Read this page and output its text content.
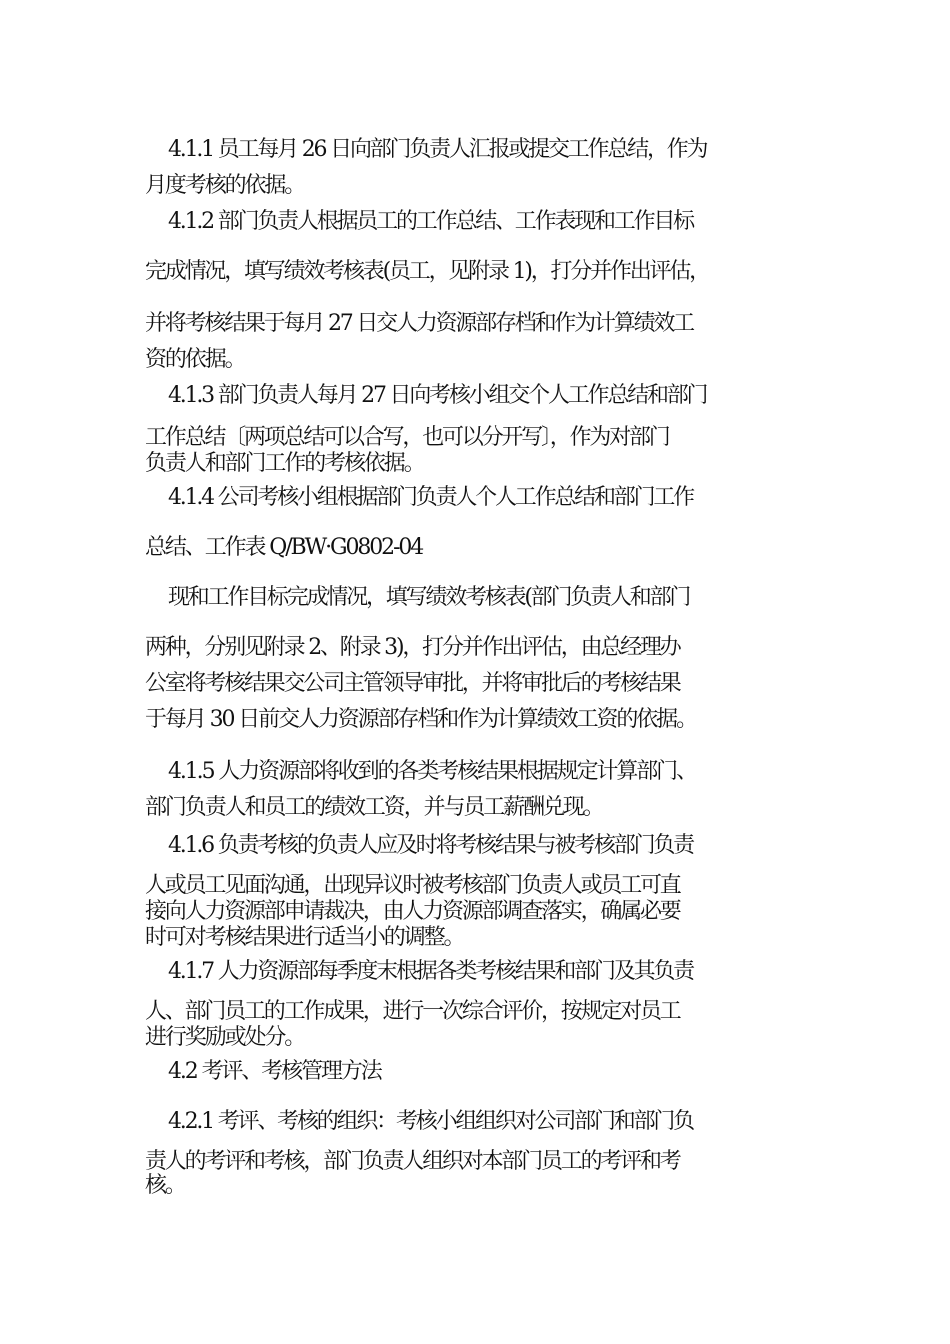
4.1.1 员工每月 26 日向部门负责人汇报或提交工作总结，作为
月度考核的依据。
4.1.2 部门负责人根据员工的工作总结、工作表现和工作目标
完成情况，填写绩效考核表(员工，见附录 1)，打分并作出评估，
并将考核结果于每月 27 日交人力资源部存档和作为计算绩效工
资的依据。
4.1.3 部门负责人每月 27 日向考核小组交个人工作总结和部门
工作总结〔两项总结可以合写，也可以分开写〕，作为对部门
负责人和部门工作的考核依据。
4.1.4 公司考核小组根据部门负责人个人工作总结和部门工作
总结、工作表 Q/BW·G0802-04
现和工作目标完成情况，填写绩效考核表(部门负责人和部门
两种，分别见附录 2、附录 3)，打分并作出评估，由总经理办
公室将考核结果交公司主管领导审批，并将审批后的考核结果
于每月 30 日前交人力资源部存档和作为计算绩效工资的依据。
4.1.5 人力资源部将收到的各类考核结果根据规定计算部门、
部门负责人和员工的绩效工资，并与员工薪酬兑现。
4.1.6 负责考核的负责人应及时将考核结果与被考核部门负责
人或员工见面沟通，出现异议时被考核部门负责人或员工可直
接向人力资源部申请裁决，由人力资源部调查落实，确属必要
时可对考核结果进行适当小的调整。
4.1.7 人力资源部每季度末根据各类考核结果和部门及其负责
人、部门员工的工作成果，进行一次综合评价，按规定对员工
进行奖励或处分。
4.2 考评、考核管理方法
4.2.1 考评、考核的组织：考核小组组织对公司部门和部门负
责人的考评和考核，部门负责人组织对本部门员工的考评和考
核。
